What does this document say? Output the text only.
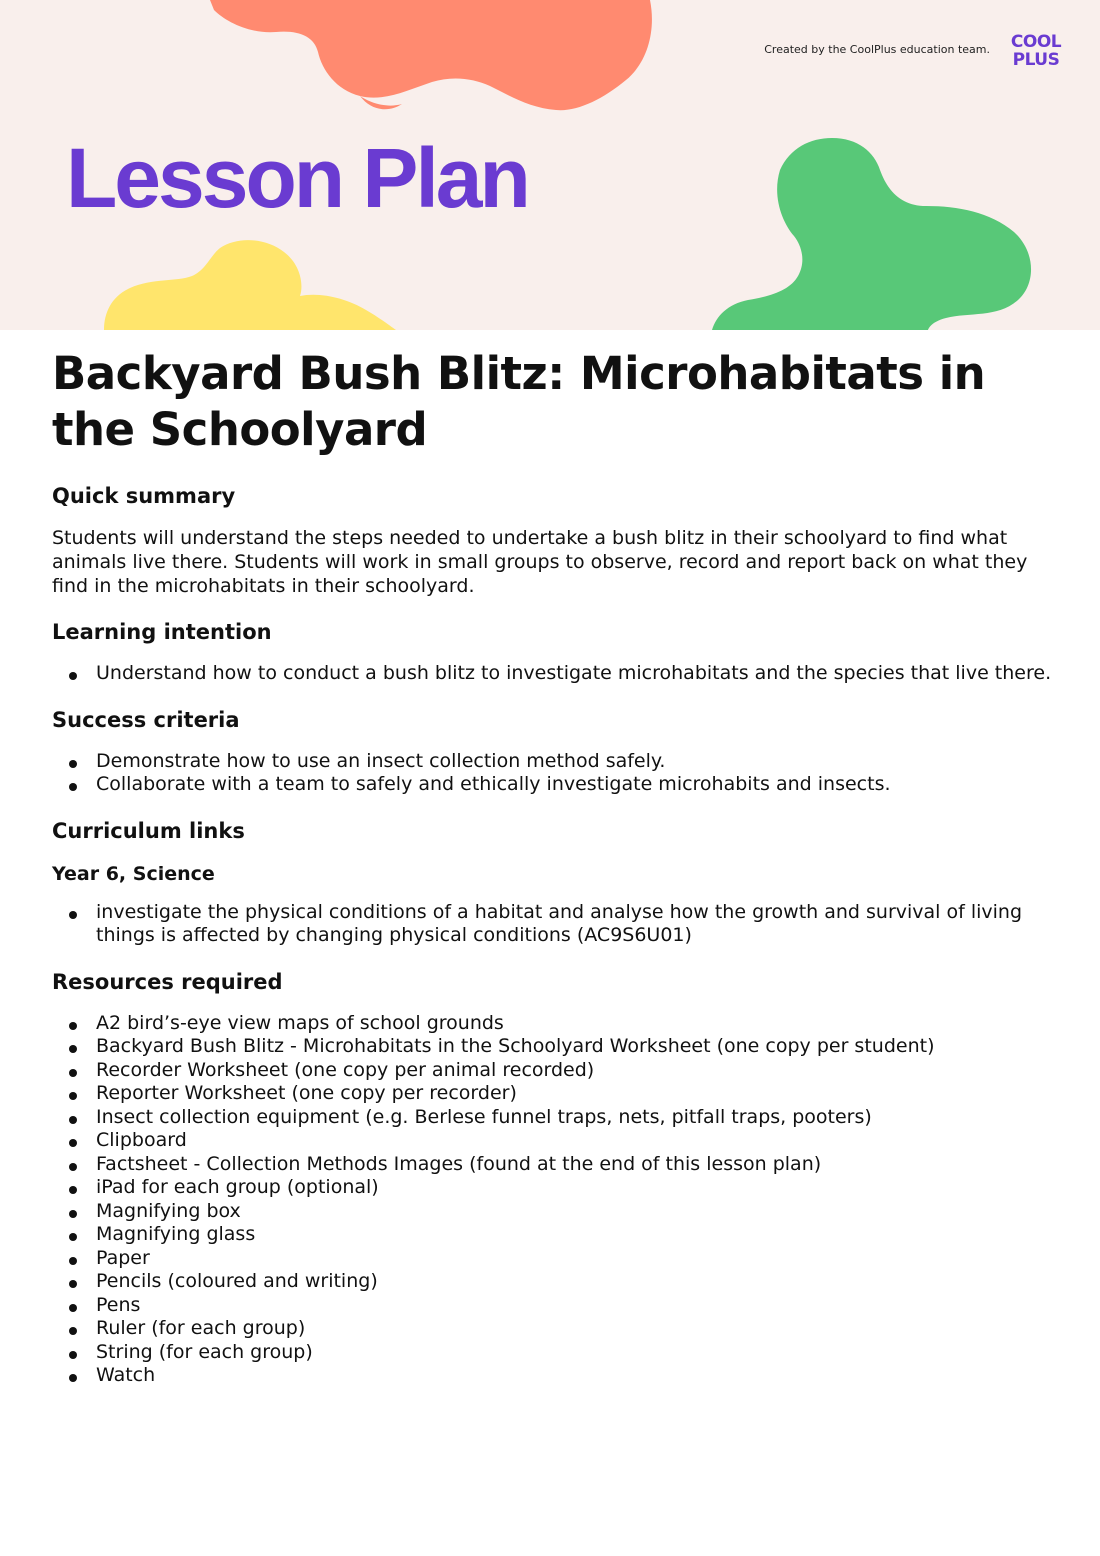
Created by the CoolPlus education team.	COOL
PLUS
Lesson Plan
Backyard Bush Blitz: Microhabitats in the Schoolyard
Quick summary

Students will understand the steps needed to undertake a bush blitz in their schoolyard to find what animals live there. Students will work in small groups to observe, record and report back on what they find in the microhabitats in their schoolyard.

Learning intention
Understand how to conduct a bush blitz to investigate microhabitats and the species that live there.
Success criteria
Demonstrate how to use an insect collection method safely.
Collaborate with a team to safely and ethically investigate microhabits and insects.
Curriculum links
Year 6, Science
investigate the physical conditions of a habitat and analyse how the growth and survival of living things is affected by changing physical conditions (AC9S6U01)
Resources required
A2 bird’s-eye view maps of school grounds
Backyard Bush Blitz - Microhabitats in the Schoolyard Worksheet (one copy per student)
Recorder Worksheet (one copy per animal recorded)
Reporter Worksheet (one copy per recorder)
Insect collection equipment (e.g. Berlese funnel traps, nets, pitfall traps, pooters)
Clipboard
Factsheet - Collection Methods Images (found at the end of this lesson plan)
iPad for each group (optional)
Magnifying box
Magnifying glass
Paper
Pencils (coloured and writing)
Pens
Ruler (for each group)
String (for each group)
Watch
